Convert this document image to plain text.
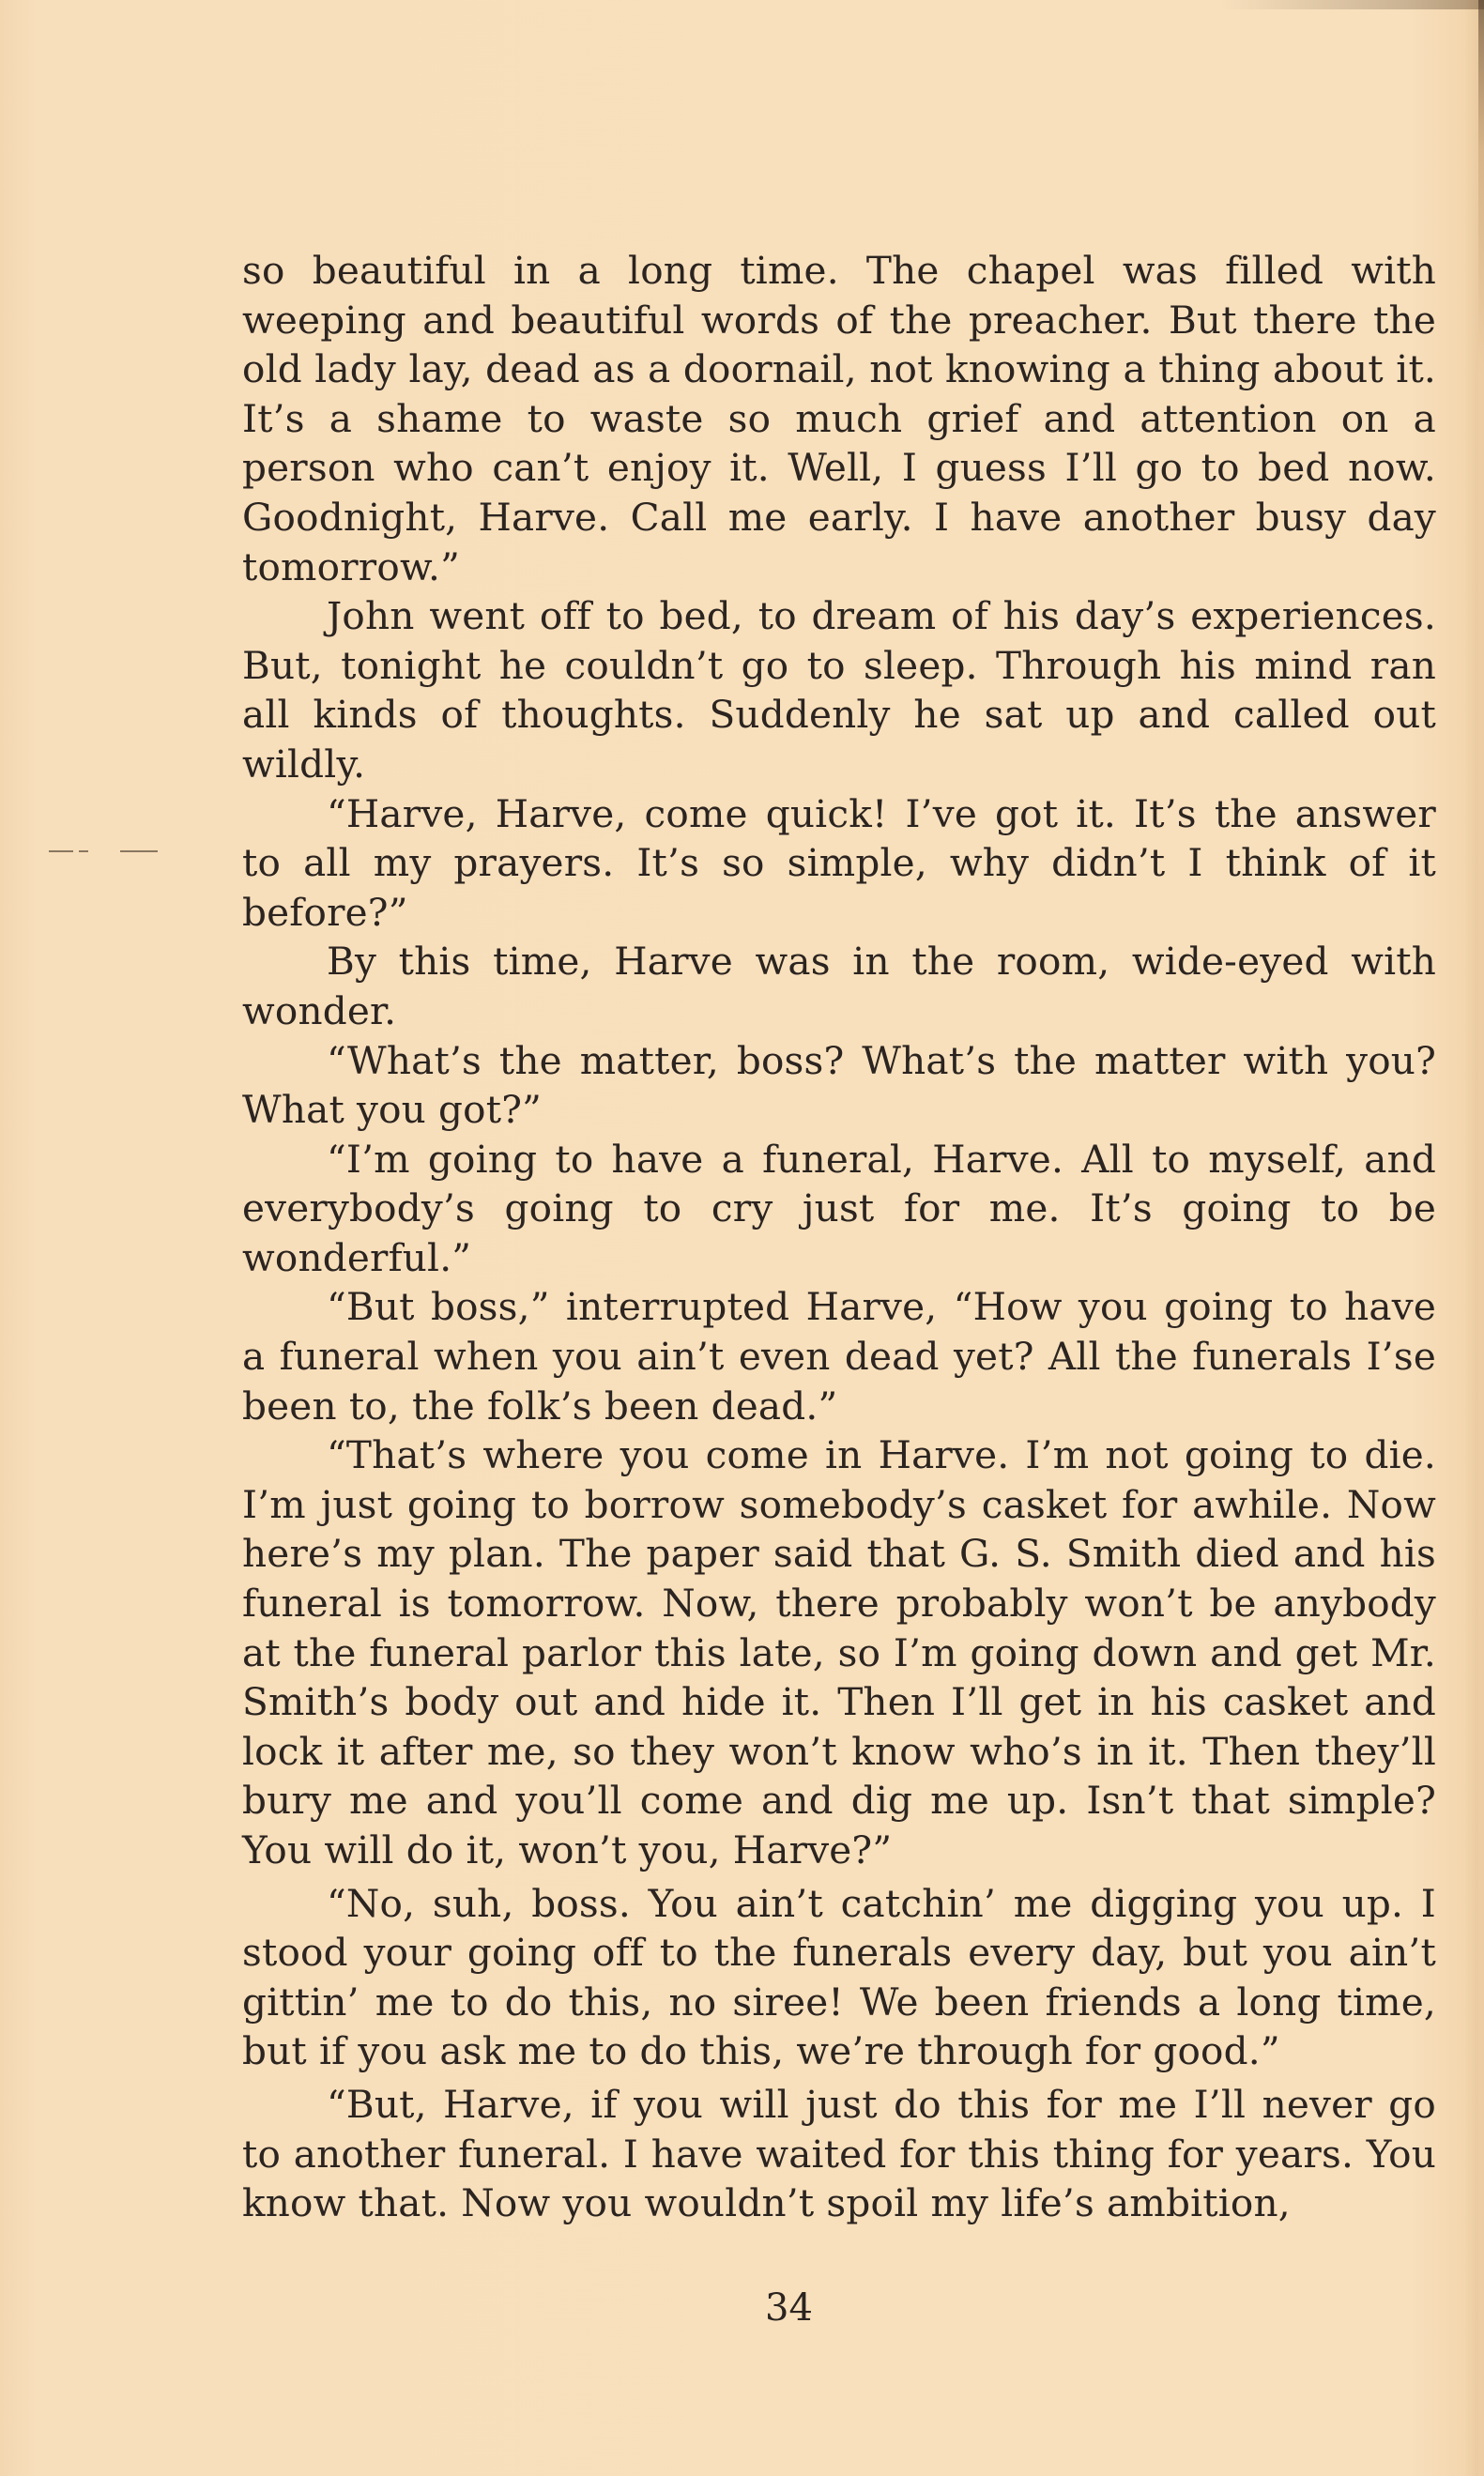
so beautiful in a long time. The chapel was filled with weeping and beautiful words of the preacher. But there the old lady lay, dead as a doornail, not knowing a thing about it. It’s a shame to waste so much grief and attention on a person who can’t enjoy it. Well, I guess I’ll go to bed now. Goodnight, Harve. Call me early. I have another busy day tomorrow.”

John went off to bed, to dream of his day’s experiences. But, tonight he couldn’t go to sleep. Through his mind ran all kinds of thoughts. Suddenly he sat up and called out wildly.

“Harve, Harve, come quick! I’ve got it. It’s the answer to all my prayers. It’s so simple, why didn’t I think of it before?”

By this time, Harve was in the room, wide-eyed with wonder.

“What’s the matter, boss? What’s the matter with you? What you got?”

“I’m going to have a funeral, Harve. All to myself, and everybody’s going to cry just for me. It’s going to be wonderful.”

“But boss,” interrupted Harve, “How you going to have a funeral when you ain’t even dead yet? All the funerals I’se been to, the folk’s been dead.”

“That’s where you come in Harve. I’m not going to die. I’m just going to borrow somebody’s casket for awhile. Now here’s my plan. The paper said that G. S. Smith died and his funeral is tomorrow. Now, there probably won’t be anybody at the funeral parlor this late, so I’m going down and get Mr. Smith’s body out and hide it. Then I’ll get in his casket and lock it after me, so they won’t know who’s in it. Then they’ll bury me and you’ll come and dig me up. Isn’t that simple? You will do it, won’t you, Harve?”

“No, suh, boss. You ain’t catchin’ me digging you up. I stood your going off to the funerals every day, but you ain’t gittin’ me to do this, no siree! We been friends a long time, but if you ask me to do this, we’re through for good.”

“But, Harve, if you will just do this for me I’ll never go to another funeral. I have waited for this thing for years. You know that. Now you wouldn’t spoil my life’s ambition,

34
